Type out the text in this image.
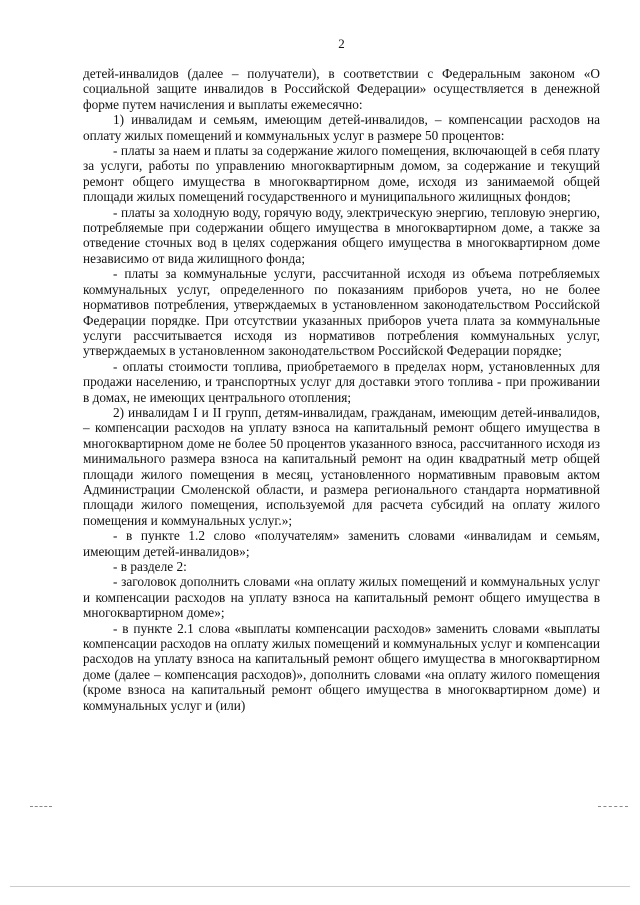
2

детей-инвалидов (далее – получатели), в соответствии с Федеральным законом «О социальной защите инвалидов в Российской Федерации» осуществляется в денежной форме путем начисления и выплаты ежемесячно:

1) инвалидам и семьям, имеющим детей-инвалидов, – компенсации расходов на оплату жилых помещений и коммунальных услуг в размере 50 процентов:

- платы за наем и платы за содержание жилого помещения, включающей в себя плату за услуги, работы по управлению многоквартирным домом, за содержание и текущий ремонт общего имущества в многоквартирном доме, исходя из занимаемой общей площади жилых помещений государственного и муниципального жилищных фондов;

- платы за холодную воду, горячую воду, электрическую энергию, тепловую энергию, потребляемые при содержании общего имущества в многоквартирном доме, а также за отведение сточных вод в целях содержания общего имущества в многоквартирном доме независимо от вида жилищного фонда;

- платы за коммунальные услуги, рассчитанной исходя из объема потребляемых коммунальных услуг, определенного по показаниям приборов учета, но не более нормативов потребления, утверждаемых в установленном законодательством Российской Федерации порядке. При отсутствии указанных приборов учета плата за коммунальные услуги рассчитывается исходя из нормативов потребления коммунальных услуг, утверждаемых в установленном законодательством Российской Федерации порядке;

- оплаты стоимости топлива, приобретаемого в пределах норм, установленных для продажи населению, и транспортных услуг для доставки этого топлива - при проживании в домах, не имеющих центрального отопления;

2) инвалидам I и II групп, детям-инвалидам, гражданам, имеющим детей-инвалидов, – компенсации расходов на уплату взноса на капитальный ремонт общего имущества в многоквартирном доме не более 50 процентов указанного взноса, рассчитанного исходя из минимального размера взноса на капитальный ремонт на один квадратный метр общей площади жилого помещения в месяц, установленного нормативным правовым актом Администрации Смоленской области, и размера регионального стандарта нормативной площади жилого помещения, используемой для расчета субсидий на оплату жилого помещения и коммунальных услуг.»;

- в пункте 1.2 слово «получателям» заменить словами «инвалидам и семьям, имеющим детей-инвалидов»;

- в разделе 2:

- заголовок дополнить словами «на оплату жилых помещений и коммунальных услуг и компенсации расходов на уплату взноса на капитальный ремонт общего имущества в многоквартирном доме»;

- в пункте 2.1 слова «выплаты компенсации расходов» заменить словами «выплаты компенсации расходов на оплату жилых помещений и коммунальных услуг и компенсации расходов на уплату взноса на капитальный ремонт общего имущества в многоквартирном доме (далее – компенсация расходов)», дополнить словами «на оплату жилого помещения (кроме взноса на капитальный ремонт общего имущества в многоквартирном доме) и коммунальных услуг и (или)
